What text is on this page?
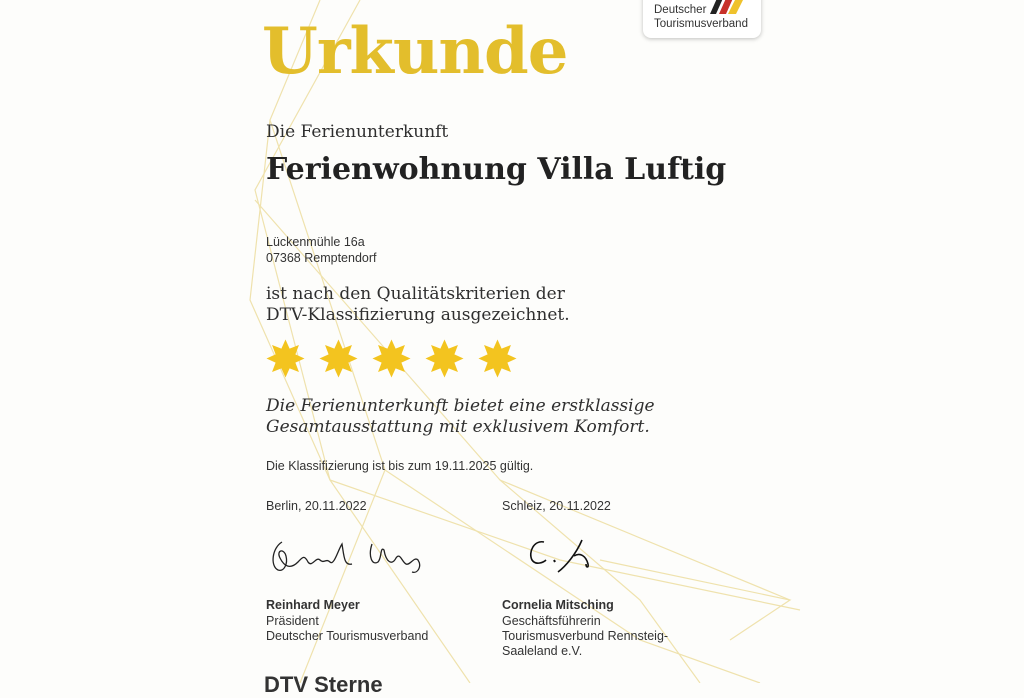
Deutscher
Tourismusverband
Urkunde
Die Ferienunterkunft
Ferienwohnung Villa Luftig
Lückenmühle 16a
07368 Remptendorf
ist nach den Qualitätskriterien der
DTV-Klassifizierung ausgezeichnet.
Die Ferienunterkunft bietet eine erstklassige
Gesamtausstattung mit exklusivem Komfort.
Die Klassifizierung ist bis zum 19.11.2025 gültig.
Berlin, 20.11.2022
Reinhard Meyer
Präsident
Deutscher Tourismusverband
Schleiz, 20.11.2022
Cornelia Mitsching
Geschäftsführerin
Tourismusverbund Rennsteig-
Saaleland e.V.
DTV Sterne
